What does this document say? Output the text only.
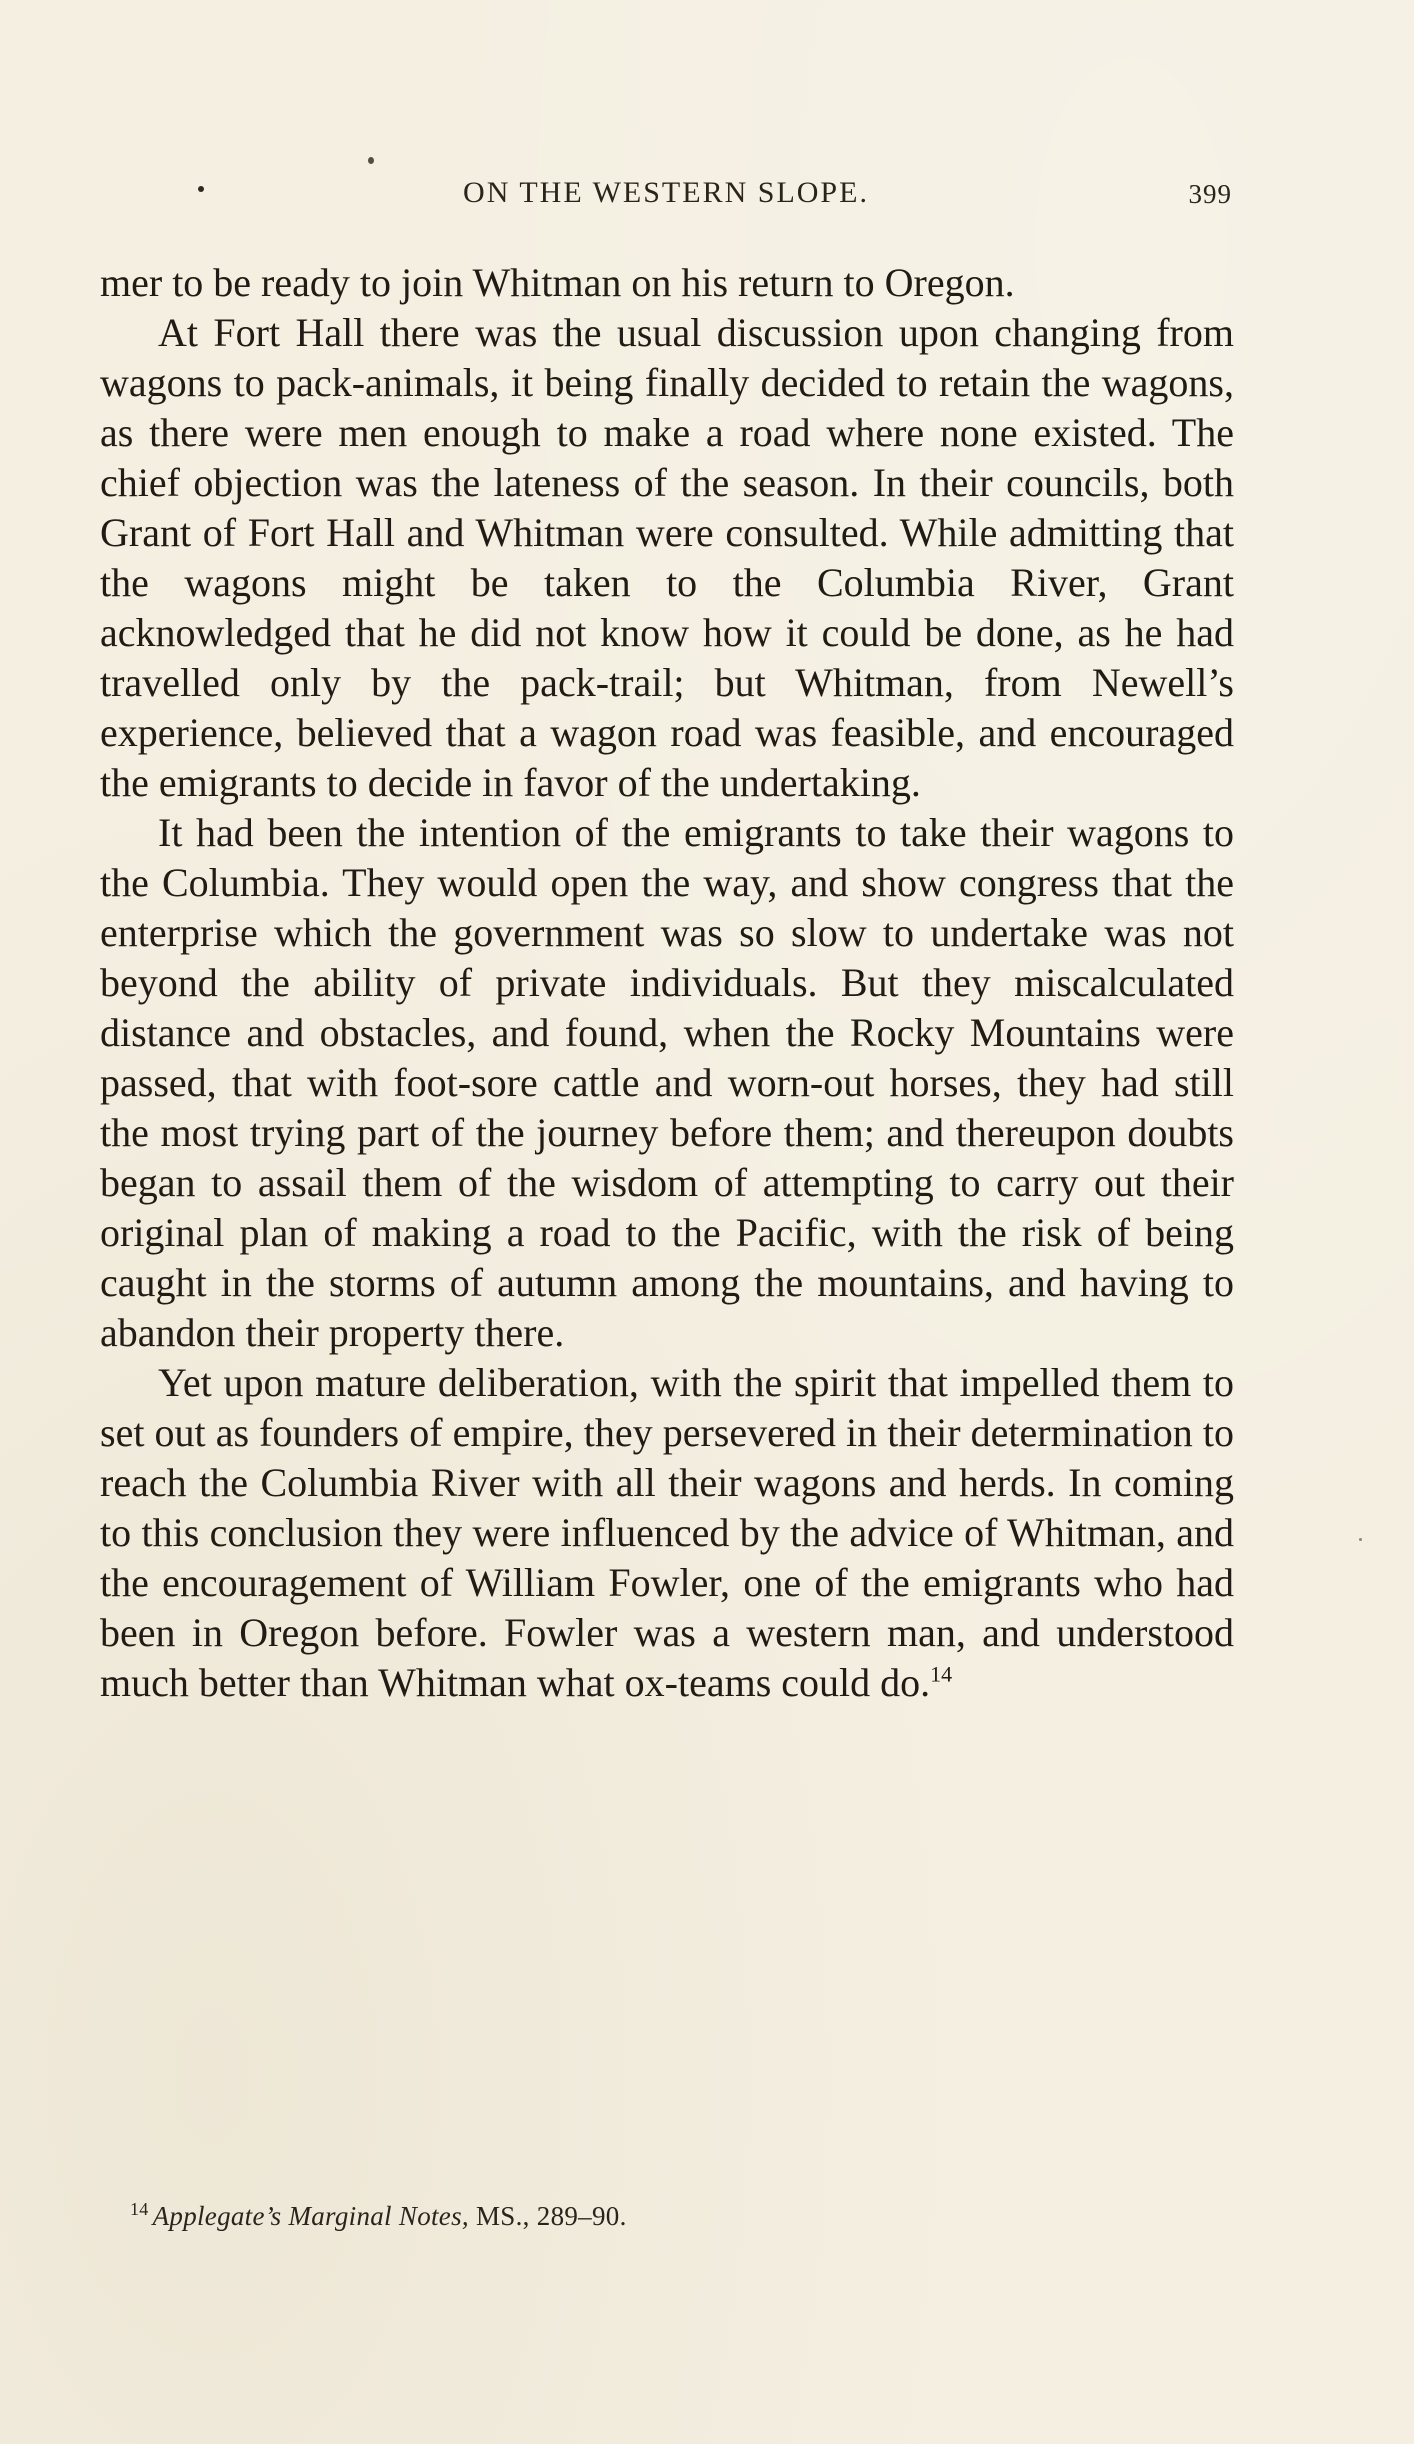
ON THE WESTERN SLOPE.	399

mer to be ready to join Whitman on his return to Oregon.

At Fort Hall there was the usual discussion upon changing from wagons to pack-animals, it being finally decided to retain the wagons, as there were men enough to make a road where none existed. The chief objection was the lateness of the season. In their councils, both Grant of Fort Hall and Whitman were consulted. While admitting that the wagons might be taken to the Columbia River, Grant acknowledged that he did not know how it could be done, as he had travelled only by the pack-trail; but Whitman, from Newell’s experience, believed that a wagon road was feasible, and encouraged the emigrants to decide in favor of the undertaking.

It had been the intention of the emigrants to take their wagons to the Columbia. They would open the way, and show congress that the enterprise which the government was so slow to undertake was not beyond the ability of private individuals. But they miscalculated distance and obstacles, and found, when the Rocky Mountains were passed, that with foot-sore cattle and worn-out horses, they had still the most trying part of the journey before them; and thereupon doubts began to assail them of the wisdom of attempting to carry out their original plan of making a road to the Pacific, with the risk of being caught in the storms of autumn among the mountains, and having to abandon their property there.

Yet upon mature deliberation, with the spirit that impelled them to set out as founders of empire, they persevered in their determination to reach the Columbia River with all their wagons and herds. In coming to this conclusion they were influenced by the advice of Whitman, and the encouragement of William Fowler, one of the emigrants who had been in Oregon before. Fowler was a western man, and understood much better than Whitman what ox-teams could do.$^{14}$

$^{14}$ Applegate’s Marginal Notes, MS., 289–90.
